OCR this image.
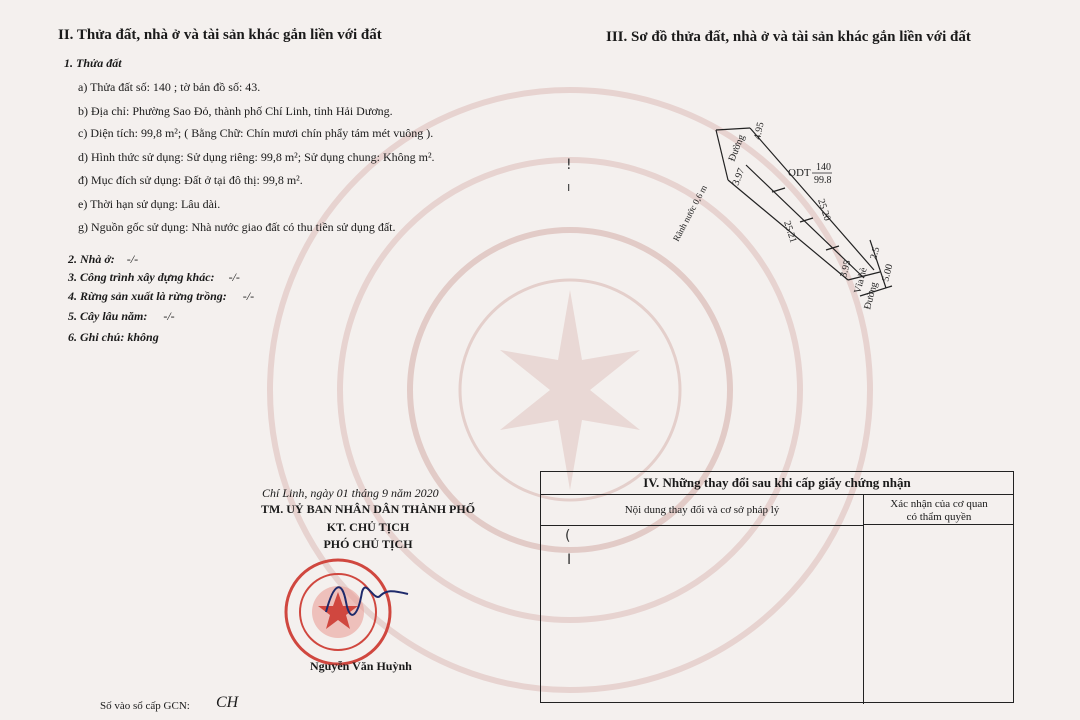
II. Thửa đất, nhà ở và tài sản khác gắn liền với đất
1. Thửa đất
a) Thửa đất số: 140 ; tờ bản đồ số: 43.
b) Địa chỉ: Phường Sao Đỏ, thành phố Chí Linh, tỉnh Hải Dương.
c) Diện tích: 99,8 m²; ( Bằng Chữ: Chín mươi chín phẩy tám mét vuông ).
d) Hình thức sử dụng: Sử dụng riêng: 99,8 m²; Sử dụng chung: Không m².
đ) Mục đích sử dụng: Đất ở tại đô thị: 99,8 m².
e) Thời hạn sử dụng: Lâu dài.
g) Nguồn gốc sử dụng: Nhà nước giao đất có thu tiền sử dụng đất.
2. Nhà ở: -/-
3. Công trình xây dựng khác: -/-
4. Rừng sản xuất là rừng trồng: -/-
5. Cây lâu năm: -/-
6. Ghi chú: không
!
ı
III. Sơ đồ thửa đất, nhà ở và tài sản khác gắn liền với đất
Đường
4.95
3.97	ODT 140
99.8
Rãnh nước 0,6 m	25.20
25.21
3.95	5.00
2.5
Vỉa hè
Đường
Chí Linh, ngày 01 tháng 9 năm 2020
TM. UỶ BAN NHÂN DÂN THÀNH PHỐ
KT. CHỦ TỊCH
PHÓ CHỦ TỊCH
Nguyễn Văn Huỳnh
IV. Những thay đổi sau khi cấp giấy chứng nhận
Nội dung thay đổi và cơ sở pháp lý	Xác nhận của cơ quan
có thẩm quyền
(
I
Số vào sổ cấp GCN: CH
